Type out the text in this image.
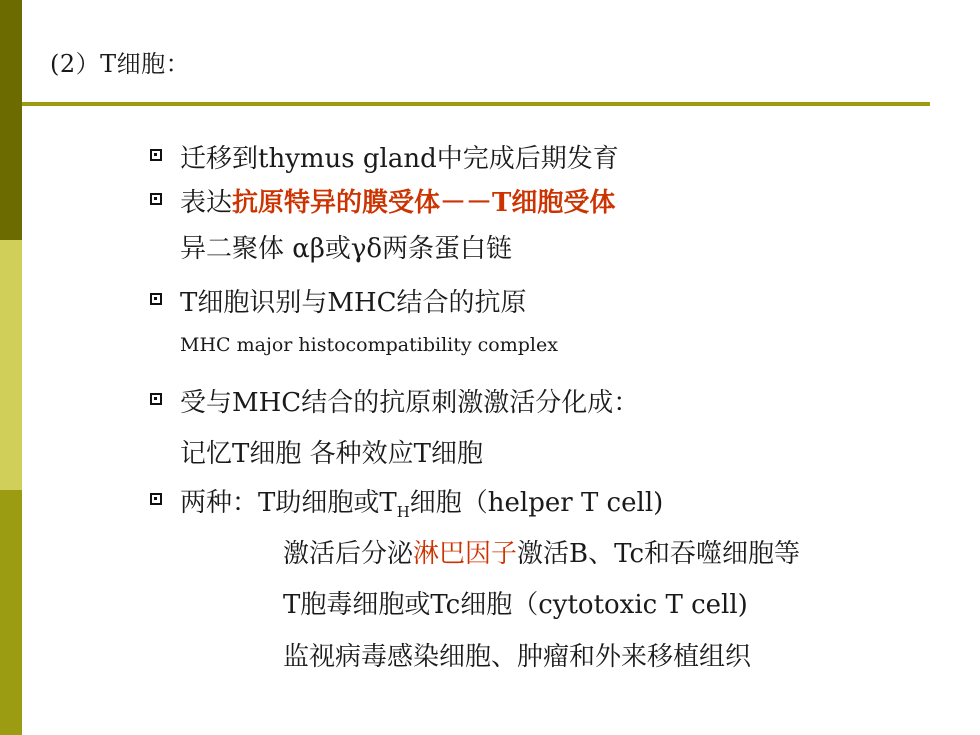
(2）T细胞：
迁移到thymus gland中完成后期发育
表达抗原特异的膜受体－－T细胞受体
异二聚体 αβ或γδ两条蛋白链
T细胞识别与MHC结合的抗原
MHC major histocompatibility complex
受与MHC结合的抗原刺激激活分化成：
记忆T细胞 各种效应T细胞
两种：T助细胞或$T_H$细胞（helper T cell)
激活后分泌淋巴因子激活B、Tc和吞噬细胞等
T胞毒细胞或Tc细胞（cytotoxic T cell)
监视病毒感染细胞、肿瘤和外来移植组织
